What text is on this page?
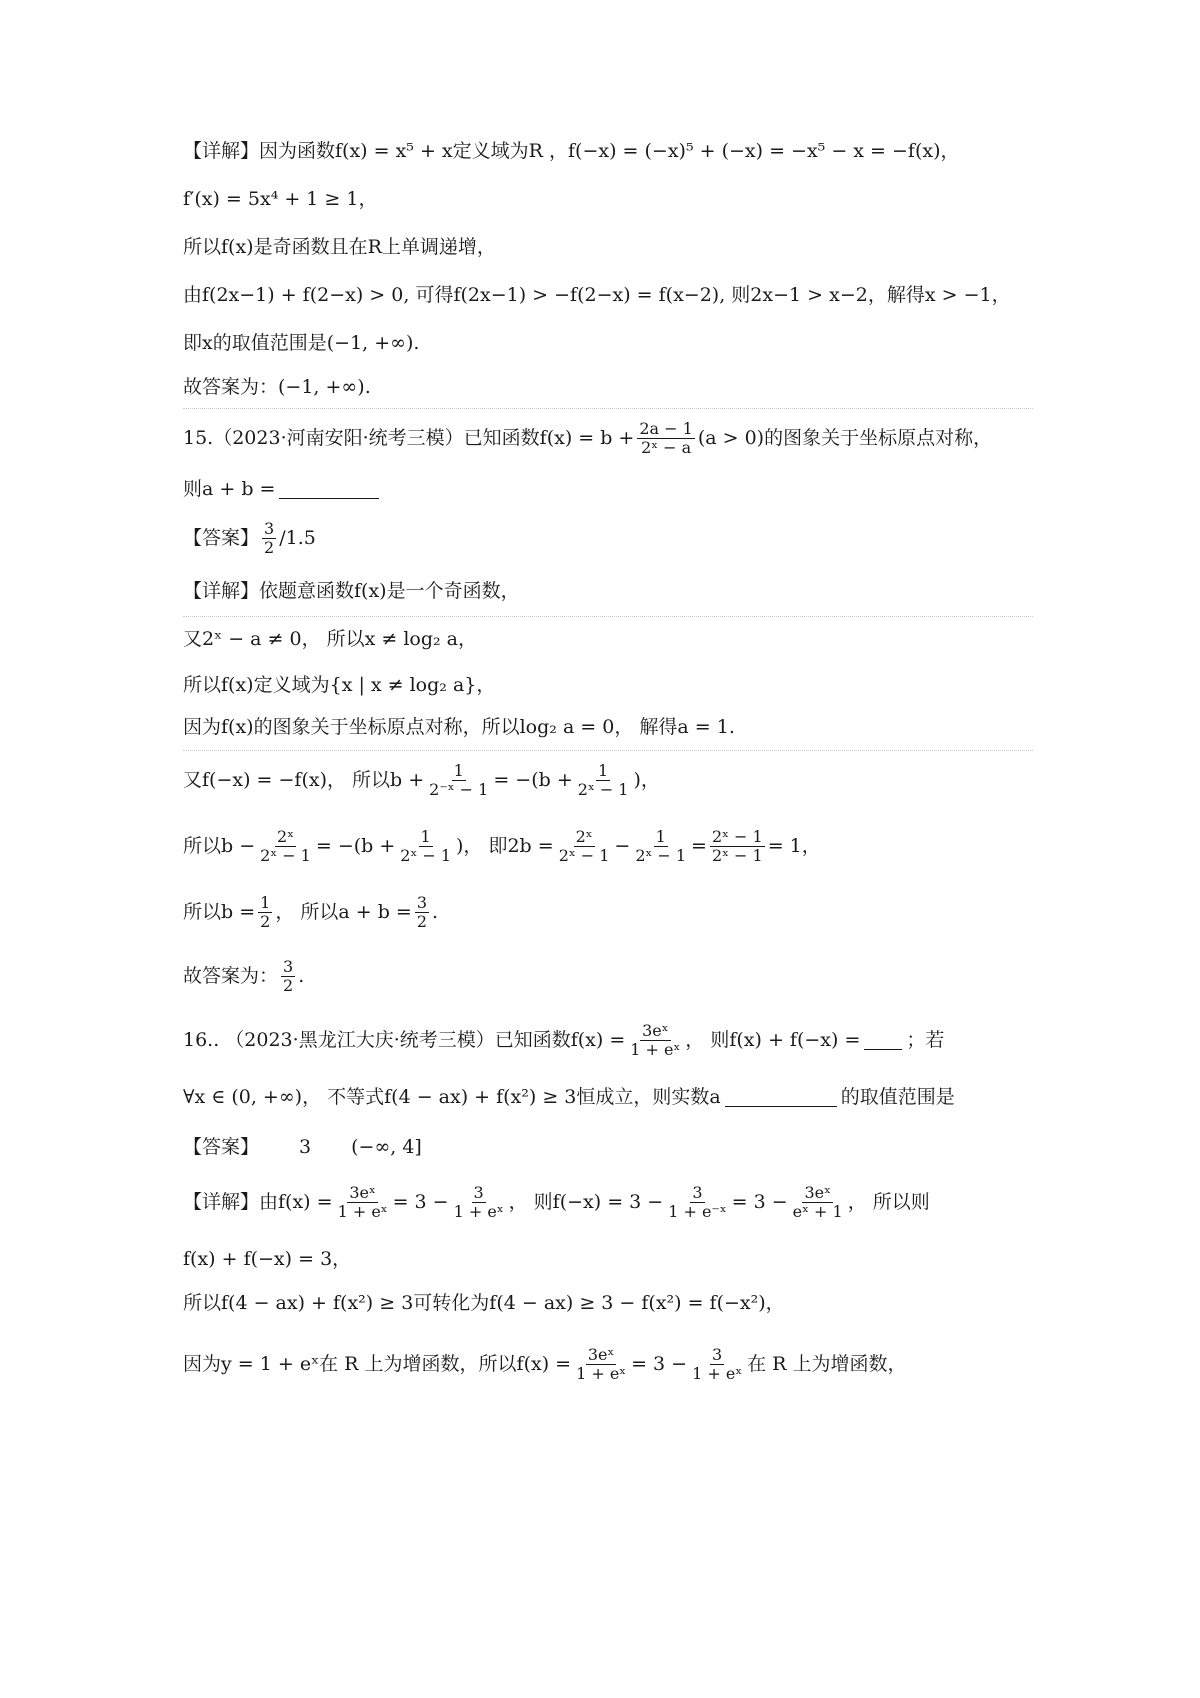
【详解】因为函数 f(x) = x⁵ + x 定义域为R ， f(−x) = (−x)⁵ + (−x) = −x⁵ − x = −f(x) ，
f′(x) = 5x⁴ + 1 ≥ 1 ，
所以 f(x) 是奇函数且在 R 上单调递增，
由 f(2x−1) + f(2−x) > 0 , 可得 f(2x−1) > −f(2−x) = f(x−2) , 则 2x−1 > x−2 ，解得 x > −1 ，
即 x 的取值范围是 (−1, +∞) .
故答案为： (−1, +∞) .
15.（2023·河南安阳·统考三模）已知函数 $f(x) = b + \frac{2a - 1}{\text{2ˣ − a}} (a > 0)$ 的图象关于坐标原点对称，
则 a + b =
【答案】 $\frac{3}{2} /1.5$
【详解】依题意函数 f(x) 是一个奇函数，
又 2ˣ − a ≠ 0 ， 所以 x ≠ log₂ a ，
所以 f(x) 定义域为 {x | x ≠ log₂ a} ，
因为 f(x) 的图象关于坐标原点对称，所以 log₂ a = 0 ， 解得 a = 1 .
又 f(−x) = −f(x) ， 所以 $b + \frac{1}{\text{2⁻ˣ − 1}} = -(b + \frac{1}{\text{2ˣ − 1}}$ ) ，
所以 $b - \frac{\text{2ˣ}}{\text{2ˣ − 1}} = -(b + \frac{1}{\text{2ˣ − 1}}$ ) ， 即 $2b = \frac{\text{2ˣ}}{\text{2ˣ − 1}} - \frac{1}{\text{2ˣ − 1}} = \frac{\text{2ˣ − 1}}{\text{2ˣ − 1}} = 1$ ，
所以 $b = \frac{1}{2}$ ， 所以 $a + b = \frac{3}{2}$ .
故答案为： $\frac{3}{2}$ .
16.. （2023·黑龙江大庆·统考三模）已知函数 $f(x) = \frac{\text{3eˣ}}{\text{1 + eˣ}}$ ， 则 f(x) + f(−x) = ；若
∀x ∈ (0, +∞) ， 不等式 f(4 − ax) + f(x²) ≥ 3 恒成立，则实数 a	的取值范围是
【答案】 3 (−∞, 4]
【详解】由 $f(x) = \frac{\text{3eˣ}}{\text{1 + eˣ}} = 3 - \frac{3}{\text{1 + eˣ}}$ ， 则 $f(-x) = 3 - \frac{3}{\text{1 + e⁻ˣ}} = 3 - \frac{\text{3eˣ}}{\text{eˣ + 1}}$ ， 所以则
f(x) + f(−x) = 3 ，
所以 f(4 − ax) + f(x²) ≥ 3 可转化为 f(4 − ax) ≥ 3 − f(x²) = f(−x²) ，
因为 y = 1 + eˣ 在 R 上为增函数，所以 $f(x) = \frac{\text{3eˣ}}{\text{1 + eˣ}} = 3 - \frac{3}{\text{1 + eˣ}}$ 在 R 上为增函数，
